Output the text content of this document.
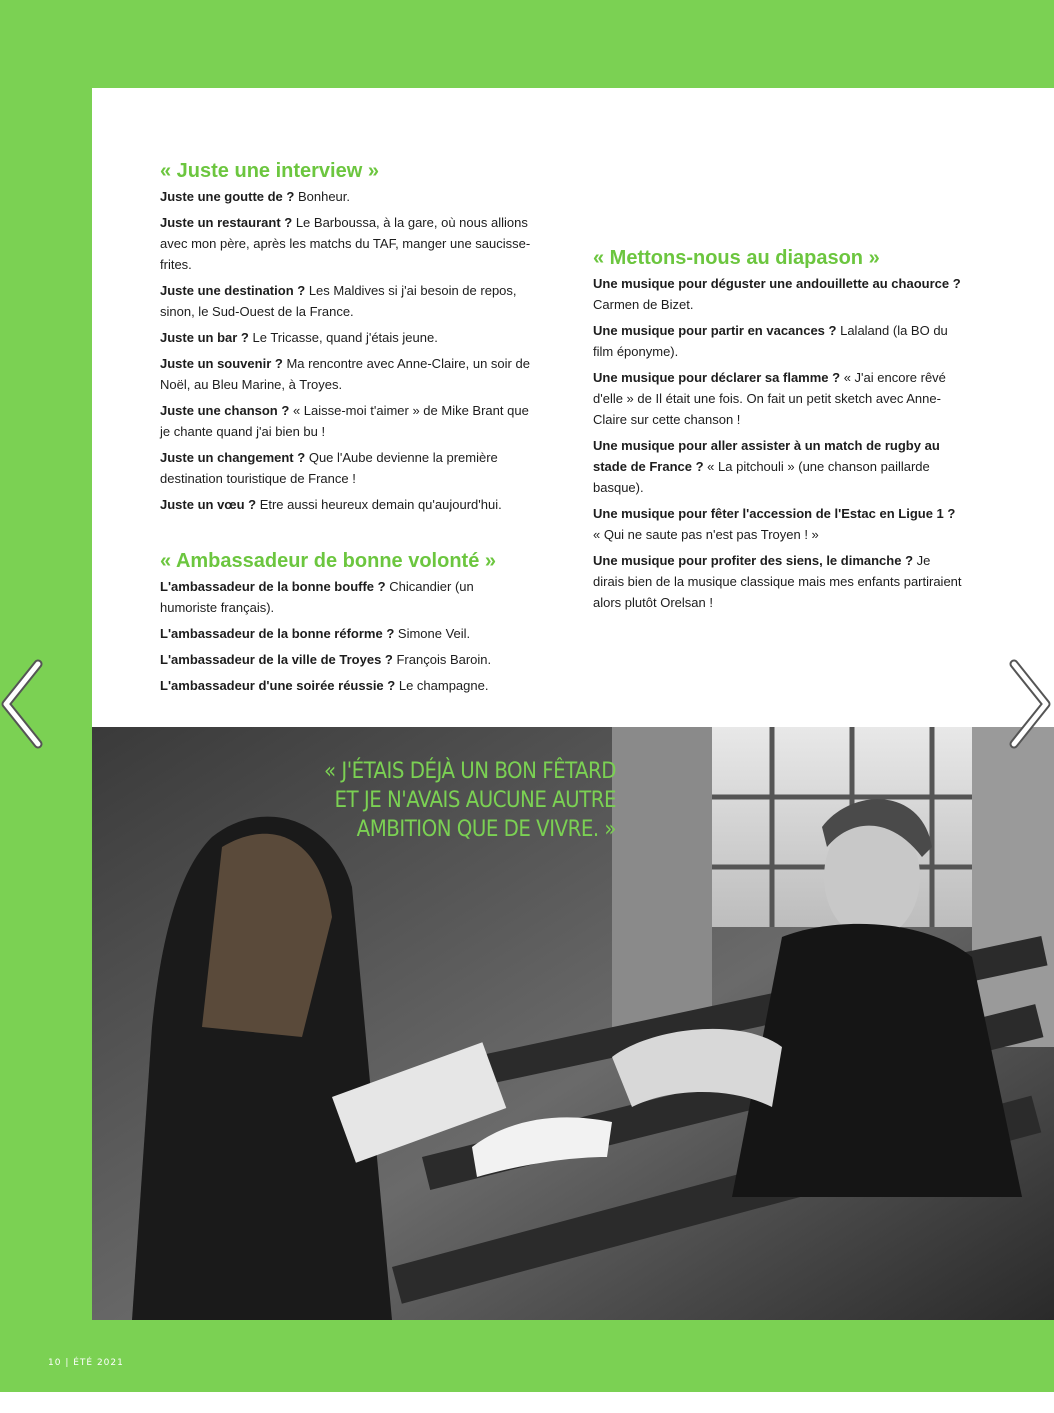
« Juste une interview »

Juste une goutte de ? Bonheur.

Juste un restaurant ? Le Barboussa, à la gare, où nous allions avec mon père, après les matchs du TAF, manger une saucisse-frites.

Juste une destination ? Les Maldives si j'ai besoin de repos, sinon, le Sud-Ouest de la France.

Juste un bar ? Le Tricasse, quand j'étais jeune.

Juste un souvenir ? Ma rencontre avec Anne-Claire, un soir de Noël, au Bleu Marine, à Troyes.

Juste une chanson ? « Laisse-moi t'aimer » de Mike Brant que je chante quand j'ai bien bu !

Juste un changement ? Que l'Aube devienne la première destination touristique de France !

Juste un vœu ? Etre aussi heureux demain qu'aujourd'hui.

« Ambassadeur de bonne volonté »

L'ambassadeur de la bonne bouffe ? Chicandier (un humoriste français).

L'ambassadeur de la bonne réforme ? Simone Veil.

L'ambassadeur de la ville de Troyes ? François Baroin.

L'ambassadeur d'une soirée réussie ? Le champagne.

« Mettons-nous au diapason »

Une musique pour déguster une andouillette au chaource ? Carmen de Bizet.

Une musique pour partir en vacances ? Lalaland (la BO du film éponyme).

Une musique pour déclarer sa flamme ? « J'ai encore rêvé d'elle » de Il était une fois. On fait un petit sketch avec Anne-Claire sur cette chanson !

Une musique pour aller assister à un match de rugby au stade de France ? « La pitchouli » (une chanson paillarde basque).

Une musique pour fêter l'accession de l'Estac en Ligue 1 ? « Qui ne saute pas n'est pas Troyen ! »

Une musique pour profiter des siens, le dimanche ? Je dirais bien de la musique classique mais mes enfants partiraient alors plutôt Orelsan !

« J'ÉTAIS DÉJÀ UN BON FÊTARD
ET JE N'AVAIS AUCUNE AUTRE
AMBITION QUE DE VIVRE. »
10 | ÉTÉ 2021
